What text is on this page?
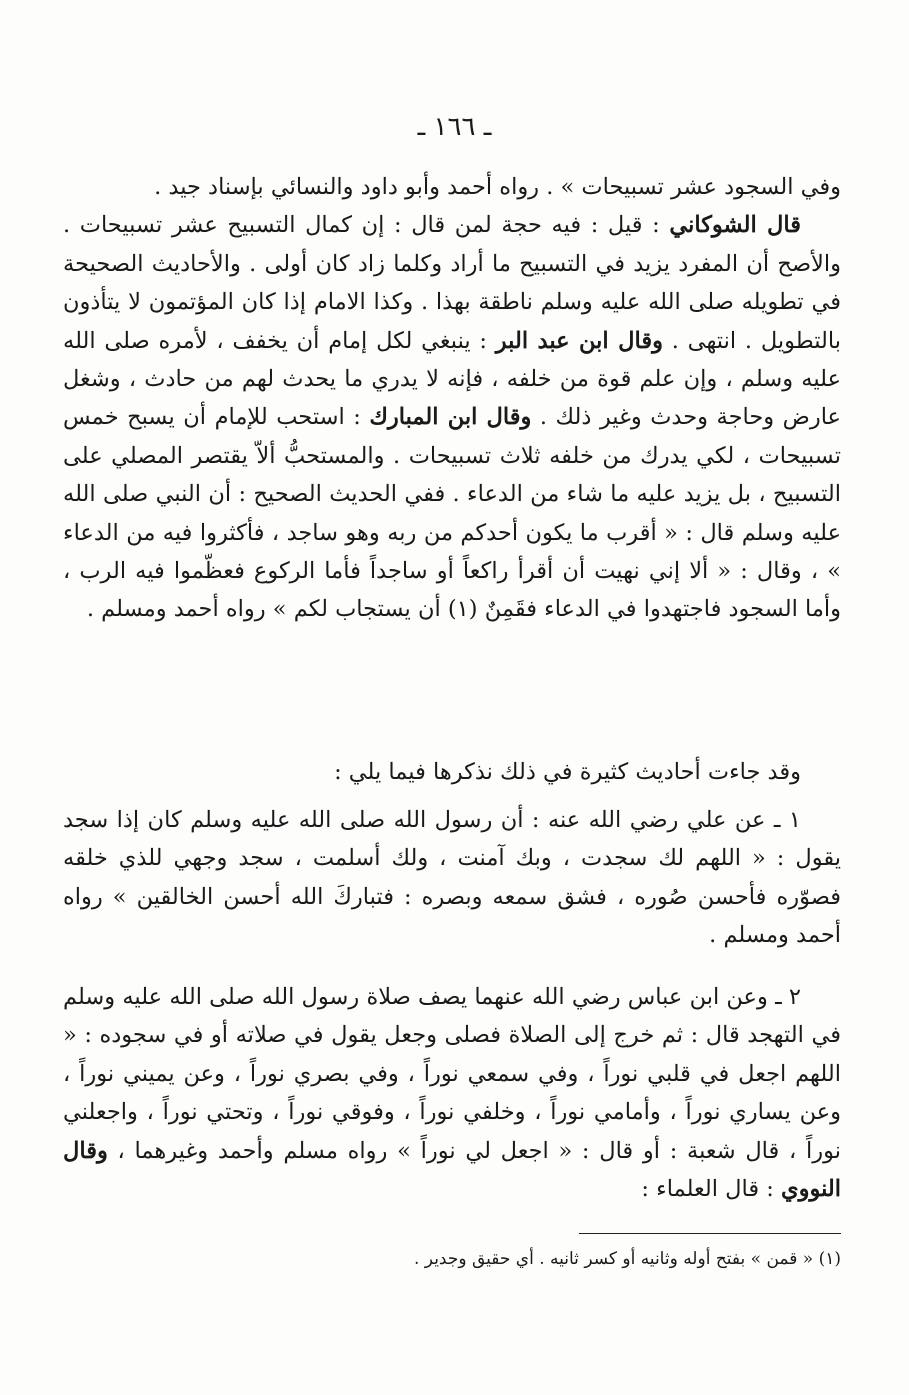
ـ ١٦٦ ـ

وفي السجود عشر تسبيحات » . رواه أحمد وأبو داود والنسائي بإسناد جيد .

قال الشوكاني : قيل : فيه حجة لمن قال : إن كمال التسبيح عشر تسبيحات . والأصح أن المفرد يزيد في التسبيح ما أراد وكلما زاد كان أولى . والأحاديث الصحيحة في تطويله صلى الله عليه وسلم ناطقة بهذا . وكذا الامام إذا كان المؤتمون لا يتأذون بالتطويل . انتهى . وقال ابن عبد البر : ينبغي لكل إمام أن يخفف ، لأمره صلى الله عليه وسلم ، وإن علم قوة من خلفه ، فإنه لا يدري ما يحدث لهم من حادث ، وشغل عارض وحاجة وحدث وغير ذلك . وقال ابن المبارك : استحب للإمام أن يسبح خمس تسبيحات ، لكي يدرك من خلفه ثلاث تسبيحات . والمستحبُّ ألاّ يقتصر المصلي على التسبيح ، بل يزيد عليه ما شاء من الدعاء . ففي الحديث الصحيح : أن النبي صلى الله عليه وسلم قال : « أقرب ما يكون أحدكم من ربه وهو ساجد ، فأكثروا فيه من الدعاء » ، وقال : « ألا إني نهيت أن أقرأ راكعاً أو ساجداً فأما الركوع فعظّموا فيه الرب ، وأما السجود فاجتهدوا في الدعاء فقَمِنٌ (١) أن يستجاب لكم » رواه أحمد ومسلم .

وقد جاءت أحاديث كثيرة في ذلك نذكرها فيما يلي :

١ ـ عن علي رضي الله عنه : أن رسول الله صلى الله عليه وسلم كان إذا سجد يقول : « اللهم لك سجدت ، وبك آمنت ، ولك أسلمت ، سجد وجهي للذي خلقه فصوّره فأحسن صُوره ، فشق سمعه وبصره : فتباركَ الله أحسن الخالقين » رواه أحمد ومسلم .

٢ ـ وعن ابن عباس رضي الله عنهما يصف صلاة رسول الله صلى الله عليه وسلم في التهجد قال : ثم خرج إلى الصلاة فصلى وجعل يقول في صلاته أو في سجوده : « اللهم اجعل في قلبي نوراً ، وفي سمعي نوراً ، وفي بصري نوراً ، وعن يميني نوراً ، وعن يساري نوراً ، وأمامي نوراً ، وخلفي نوراً ، وفوقي نوراً ، وتحتي نوراً ، واجعلني نوراً ، قال شعبة : أو قال : « اجعل لي نوراً » رواه مسلم وأحمد وغيرهما ، وقال النووي : قال العلماء :

(١) « قمن » بفتح أوله وثانيه أو كسر ثانيه . أي حقيق وجدير .
